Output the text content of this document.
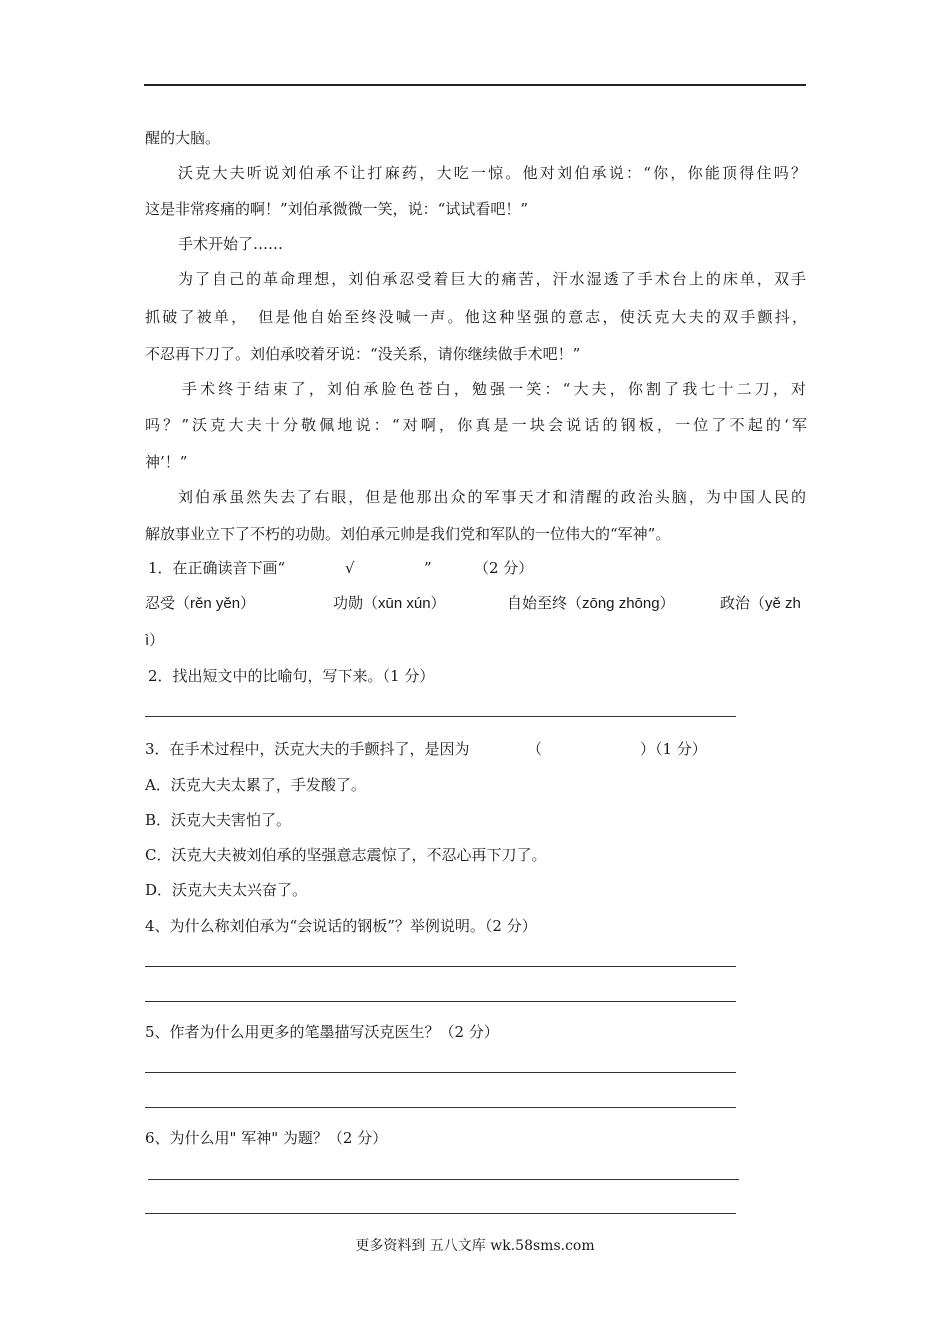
醒的大脑。
沃克大夫听说刘伯承不让打麻药，大吃一惊。他对刘伯承说：“你，你能顶得住吗？
这是非常疼痛的啊！”刘伯承微微一笑，说：“试试看吧！”
手术开始了……
为了自己的革命理想，刘伯承忍受着巨大的痛苦，汗水湿透了手术台上的床单，双手
抓破了被单，　但是他自始至终没喊一声。他这种坚强的意志，使沃克大夫的双手颤抖，
不忍再下刀了。刘伯承咬着牙说：“没关系，请你继续做手术吧！”
手术终于结束了，刘伯承脸色苍白，勉强一笑：“大夫，你割了我七十二刀，对
吗？”沃克大夫十分敬佩地说：“对啊，你真是一块会说话的钢板，一位了不起的‘军
神’！”
刘伯承虽然失去了右眼，但是他那出众的军事天才和清醒的政治头脑，为中国人民的
解放事业立下了不朽的功勋。刘伯承元帅是我们党和军队的一位伟大的“军神”。
1．在正确读音下画“	√	”	（2 分）
忍受（rěn yěn）	功勋（xūn xún）	自始至终（zōng zhōng）	政治（yě zh
ì）
2．找出短文中的比喻句，写下来。（1 分）
3．在手术过程中，沃克大夫的手颤抖了，是因为	（	）（1 分）
A．沃克大夫太累了，手发酸了。
B．沃克大夫害怕了。
C．沃克大夫被刘伯承的坚强意志震惊了，不忍心再下刀了。
D．沃克大夫太兴奋了。
4、为什么称刘伯承为“会说话的钢板”？举例说明。（2 分）
5、作者为什么用更多的笔墨描写沃克医生？（2 分）
6、为什么用" 军神" 为题？（2 分）
更多资料到 五八文库 wk.58sms.com
